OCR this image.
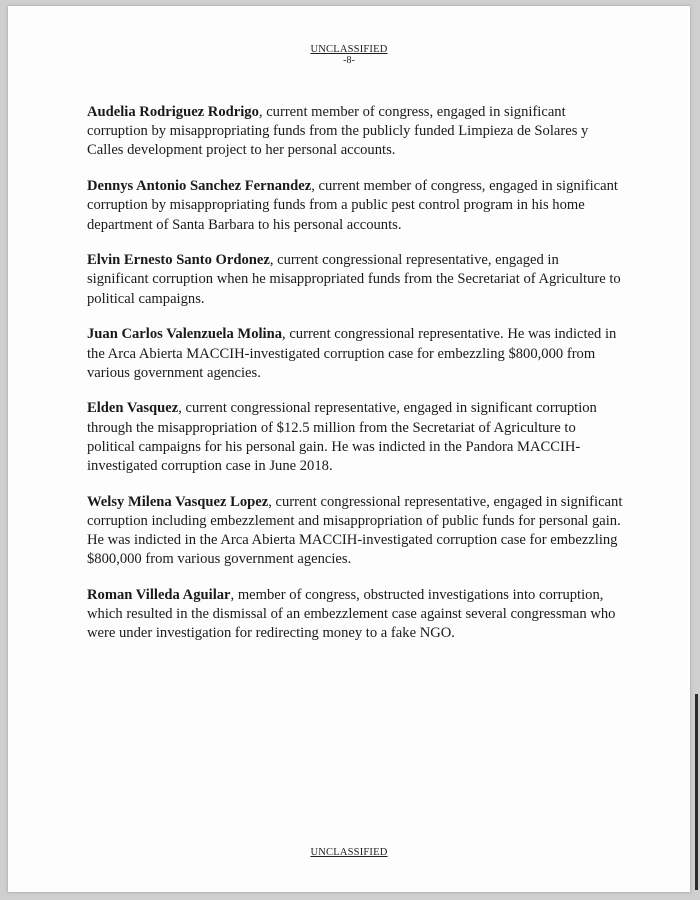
UNCLASSIFIED
-8-

Audelia Rodriguez Rodrigo, current member of congress, engaged in significant corruption by misappropriating funds from the publicly funded Limpieza de Solares y Calles development project to her personal accounts.

Dennys Antonio Sanchez Fernandez, current member of congress, engaged in significant corruption by misappropriating funds from a public pest control program in his home department of Santa Barbara to his personal accounts.

Elvin Ernesto Santo Ordonez, current congressional representative, engaged in significant corruption when he misappropriated funds from the Secretariat of Agriculture to political campaigns.

Juan Carlos Valenzuela Molina, current congressional representative. He was indicted in the Arca Abierta MACCIH-investigated corruption case for embezzling $800,000 from various government agencies.

Elden Vasquez, current congressional representative, engaged in significant corruption through the misappropriation of $12.5 million from the Secretariat of Agriculture to political campaigns for his personal gain. He was indicted in the Pandora MACCIH-investigated corruption case in June 2018.

Welsy Milena Vasquez Lopez, current congressional representative, engaged in significant corruption including embezzlement and misappropriation of public funds for personal gain. He was indicted in the Arca Abierta MACCIH-investigated corruption case for embezzling $800,000 from various government agencies.

Roman Villeda Aguilar, member of congress, obstructed investigations into corruption, which resulted in the dismissal of an embezzlement case against several congressman who were under investigation for redirecting money to a fake NGO.

UNCLASSIFIED
